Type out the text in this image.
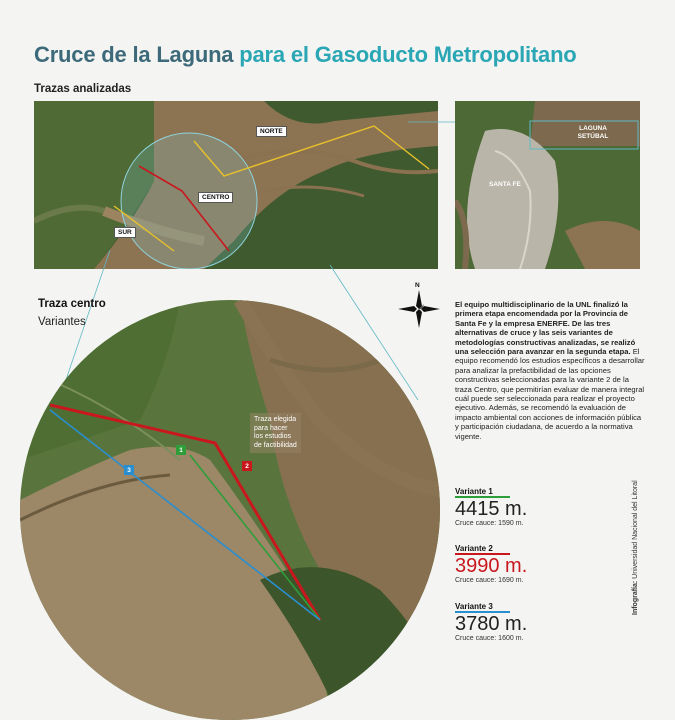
Cruce de la Laguna para el Gasoducto Metropolitano
Trazas analizadas
NORTE
CENTRO
SUR
LAGUNA
SETÚBAL
SANTA FE
N
1
2
3
Traza elegida
para hacer
los estudios
de factibilidad
Traza centro
Variantes
El equipo multidisciplinario de la UNL finalizó la primera etapa encomendada por la Provincia de Santa Fe y la empresa ENERFE. De las tres alternativas de cruce y las seis variantes de metodologías constructivas analizadas, se realizó una selección para avanzar en la segunda etapa. El equipo recomendó los estudios específicos a desarrollar para analizar la prefactibilidad de las opciones constructivas seleccionadas para la variante 2 de la traza Centro, que permitirían evaluar de manera integral cuál puede ser seleccionada para realizar el proyecto ejecutivo. Además, se recomendó la evaluación de impacto ambiental con acciones de información pública y participación ciudadana, de acuerdo a la normativa vigente.
Variante 1
4415 m.
Cruce cauce: 1590 m.
Variante 2
3990 m.
Cruce cauce: 1690 m.
Variante 3
3780 m.
Cruce cauce: 1600 m.
Infografía: Universidad Nacional del Litoral
